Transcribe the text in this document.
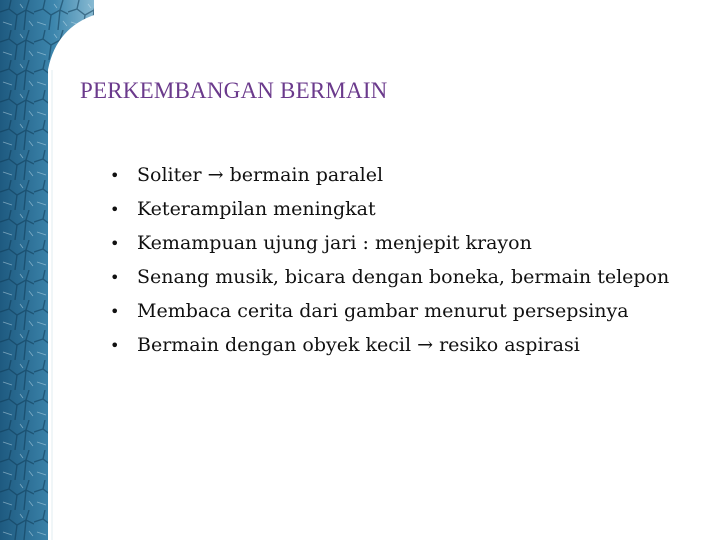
PERKEMBANGAN BERMAIN
• Soliter → bermain paralel
• Keterampilan meningkat
• Kemampuan ujung jari : menjepit krayon
• Senang musik, bicara dengan boneka, bermain telepon
• Membaca cerita dari gambar menurut persepsinya
• Bermain dengan obyek kecil → resiko aspirasi
